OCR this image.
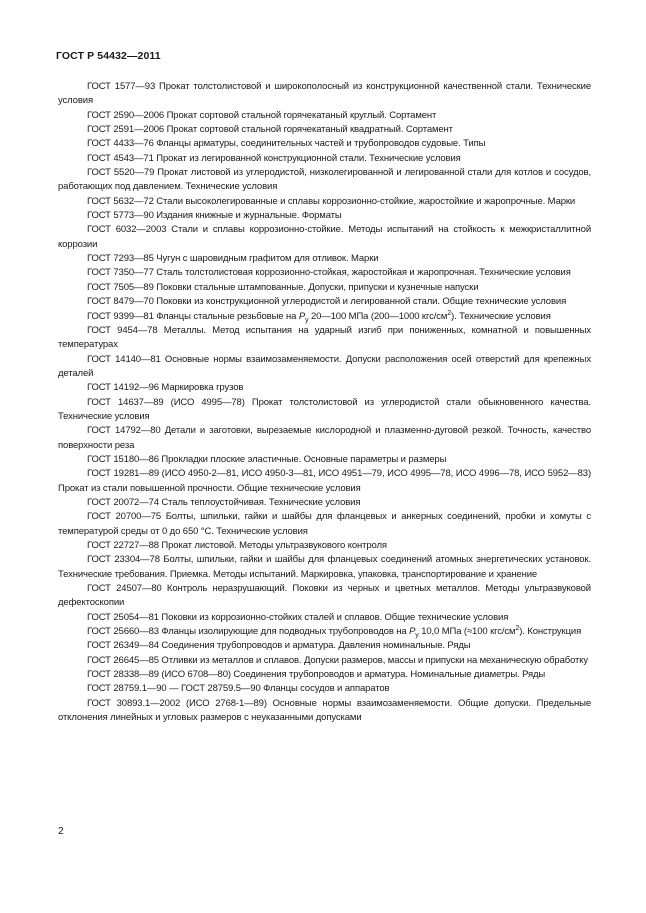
ГОСТ Р 54432—2011

ГОСТ 1577—93 Прокат толстолистовой и широкополосный из конструкционной качественной стали. Технические условия

ГОСТ 2590—2006 Прокат сортовой стальной горячекатаный круглый. Сортамент

ГОСТ 2591—2006 Прокат сортовой стальной горячекатаный квадратный. Сортамент

ГОСТ 4433—76 Фланцы арматуры, соединительных частей и трубопроводов судовые. Типы

ГОСТ 4543—71 Прокат из легированной конструкционной стали. Технические условия

ГОСТ 5520—79 Прокат листовой из углеродистой, низколегированной и легированной стали для котлов и сосудов, работающих под давлением. Технические условия

ГОСТ 5632—72 Стали высоколегированные и сплавы коррозионно-стойкие, жаростойкие и жаропрочные. Марки

ГОСТ 5773—90 Издания книжные и журнальные. Форматы

ГОСТ 6032—2003 Стали и сплавы коррозионно-стойкие. Методы испытаний на стойкость к межкристаллитной коррозии

ГОСТ 7293—85 Чугун с шаровидным графитом для отливок. Марки

ГОСТ 7350—77 Сталь толстолистовая коррозионно-стойкая, жаростойкая и жаропрочная. Технические условия

ГОСТ 7505—89 Поковки стальные штампованные. Допуски, припуски и кузнечные напуски

ГОСТ 8479—70 Поковки из конструкционной углеродистой и легированной стали. Общие технические условия

ГОСТ 9399—81 Фланцы стальные резьбовые на $P_у$ 20—100 МПа (200—1000 кгс/$см^2$). Технические условия

ГОСТ 9454—78 Металлы. Метод испытания на ударный изгиб при пониженных, комнатной и повышенных температурах

ГОСТ 14140—81 Основные нормы взаимозаменяемости. Допуски расположения осей отверстий для крепежных деталей

ГОСТ 14192—96 Маркировка грузов

ГОСТ 14637—89 (ИСО 4995—78) Прокат толстолистовой из углеродистой стали обыкновенного качества. Технические условия

ГОСТ 14792—80 Детали и заготовки, вырезаемые кислородной и плазменно-дуговой резкой. Точность, качество поверхности реза

ГОСТ 15180—86 Прокладки плоские эластичные. Основные параметры и размеры

ГОСТ 19281—89 (ИСО 4950-2—81, ИСО 4950-3—81, ИСО 4951—79, ИСО 4995—78, ИСО 4996—78, ИСО 5952—83) Прокат из стали повышенной прочности. Общие технические условия

ГОСТ 20072—74 Сталь теплоустойчивая. Технические условия

ГОСТ 20700—75 Болты, шпильки, гайки и шайбы для фланцевых и анкерных соединений, пробки и хомуты с температурой среды от 0 до 650 °С. Технические условия

ГОСТ 22727—88 Прокат листовой. Методы ультразвукового контроля

ГОСТ 23304—78 Болты, шпильки, гайки и шайбы для фланцевых соединений атомных энергетических установок. Технические требования. Приемка. Методы испытаний. Маркировка, упаковка, транспортирование и хранение

ГОСТ 24507—80 Контроль неразрушающий. Поковки из черных и цветных металлов. Методы ультразвуковой дефектоскопии

ГОСТ 25054—81 Поковки из коррозионно-стойких сталей и сплавов. Общие технические условия

ГОСТ 25660—83 Фланцы изолирующие для подводных трубопроводов на $P_у$ 10,0 МПа (≈100 кгс/$см^2$). Конструкция

ГОСТ 26349—84 Соединения трубопроводов и арматура. Давления номинальные. Ряды

ГОСТ 26645—85 Отливки из металлов и сплавов. Допуски размеров, массы и припуски на механическую обработку

ГОСТ 28338—89 (ИСО 6708—80) Соединения трубопроводов и арматура. Номинальные диаметры. Ряды

ГОСТ 28759.1—90 — ГОСТ 28759.5—90 Фланцы сосудов и аппаратов

ГОСТ 30893.1—2002 (ИСО 2768-1—89) Основные нормы взаимозаменяемости. Общие допуски. Предельные отклонения линейных и угловых размеров с неуказанными допусками

2
